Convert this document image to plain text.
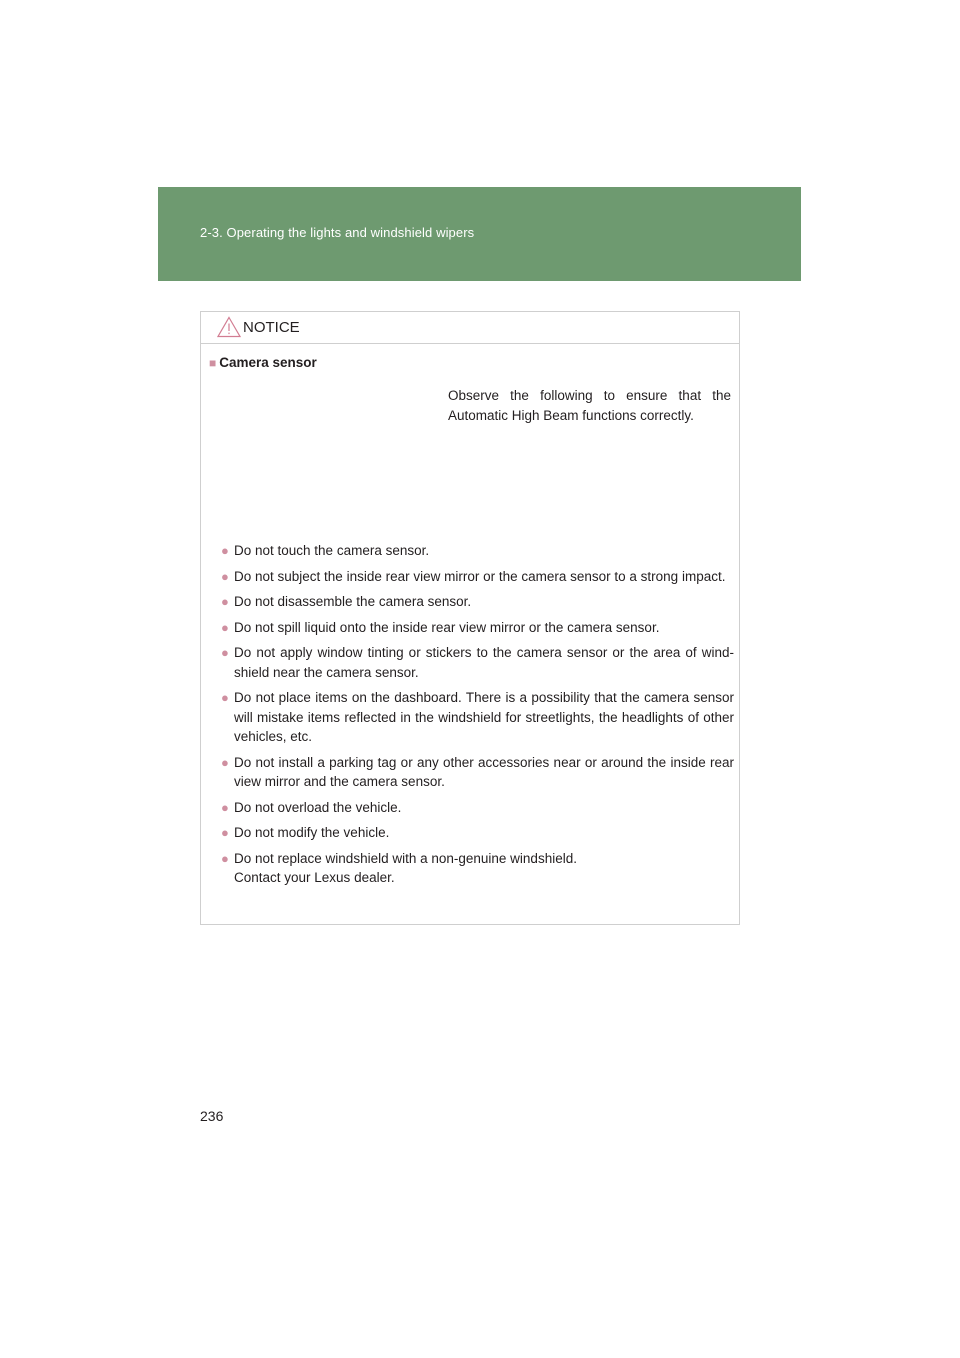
2-3. Operating the lights and windshield wipers
NOTICE
■ Camera sensor
Observe the following to ensure that the Automatic High Beam functions correctly.
● Do not touch the camera sensor.
● Do not subject the inside rear view mirror or the camera sensor to a strong impact.
● Do not disassemble the camera sensor.
● Do not spill liquid onto the inside rear view mirror or the camera sensor.
● Do not apply window tinting or stickers to the camera sensor or the area of wind-shield near the camera sensor.
● Do not place items on the dashboard. There is a possibility that the camera sensor will mistake items reflected in the windshield for streetlights, the headlights of other vehicles, etc.
● Do not install a parking tag or any other accessories near or around the inside rear view mirror and the camera sensor.
● Do not overload the vehicle.
● Do not modify the vehicle.
● Do not replace windshield with a non-genuine windshield.
Contact your Lexus dealer.
236
